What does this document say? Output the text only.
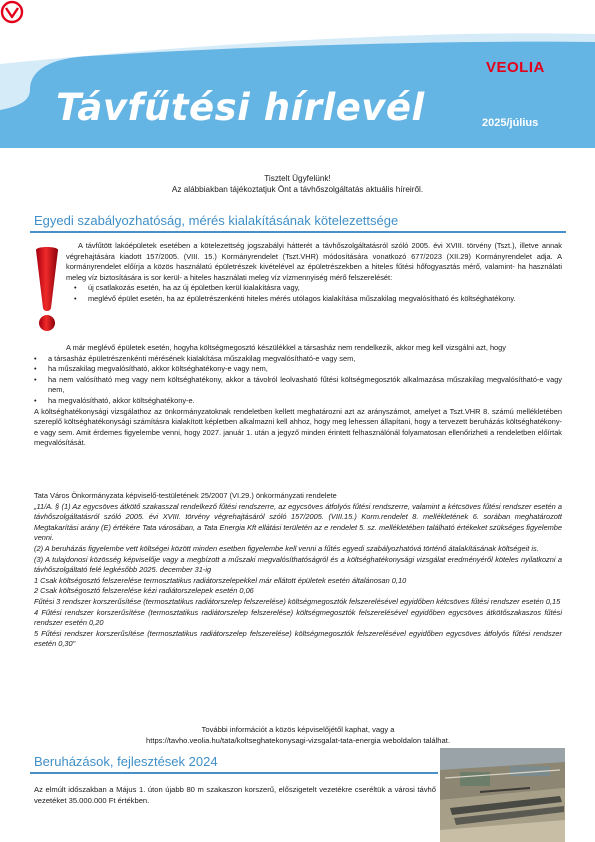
VEOLIA
Távfűtési hírlevél	2025/július
Tisztelt Ügyfelünk!
Az alábbiakban tájékoztatjuk Önt a távhőszolgáltatás aktuális híreiről.
Egyedi szabályozhatóság, mérés kialakításának kötelezettsége

A távfűtött lakóépületek esetében a kötelezettség jogszabályi hátterét a távhőszolgáltatásról szóló 2005. évi XVIII. törvény (Tszt.), illetve annak végrehajtására kiadott 157/2005. (VIII. 15.) Kormányrendelet (Tszt.VHR) módosítására vonatkozó 677/2023 (XII.29) Kormányrendelet adja. A kormányrendelet előírja a közös használatú épületrészek kivételével az épületrészekben a hiteles fűtési hőfogyasztás mérő, valamint- ha használati meleg víz biztosítására is sor kerül- a hiteles használati meleg víz vízmennyiség mérő felszerelését:

• új csatlakozás esetén, ha az új épületben kerül kialakításra vagy,
• meglévő épület esetén, ha az épületrészenkénti hiteles mérés utólagos kialakítása műszakilag megvalósítható és költséghatékony.

A már meglévő épületek esetén, hogyha költségmegosztó készülékkel a társasház nem rendelkezik, akkor meg kell vizsgálni azt, hogy

• a társasház épületrészenkénti mérésének kialakítása műszakilag megvalósítható-e vagy sem,
• ha műszakilag megvalósítható, akkor költséghatékony-e vagy nem,
• ha nem valósítható meg vagy nem költséghatékony, akkor a távolról leolvasható fűtési költségmegosztók alkalmazása műszakilag megvalósítható-e vagy nem,
• ha megvalósítható, akkor költséghatékony-e.

A költséghatékonysági vizsgálathoz az önkormányzatoknak rendeletben kellett meghatározni azt az arányszámot, amelyet a Tszt.VHR 8. számú mellékletében szereplő költséghatékonysági számításra kialakított képletben alkalmazni kell ahhoz, hogy meg lehessen állapítani, hogy a tervezett beruházás költséghatékony-e vagy sem. Amit érdemes figyelembe venni, hogy 2027. január 1. után a jegyző minden érintett felhasználónál folyamatosan ellenőrizheti a rendeletben előírtak megvalósítását.

Tata Város Önkormányzata képviselő-testületének 25/2007 (VI.29.) önkormányzati rendelete

„11/A. § (1) Az egycsöves átkötő szakasszal rendelkező fűtési rendszerre, az egycsöves átfolyós fűtési rendszerre, valamint a kétcsöves fűtési rendszer esetén a távhőszolgáltatásról szóló 2005. évi XVIII. törvény végrehajtásáról szóló 157/2005. (VIII.15.) Korm.rendelet 8. mellékletének 6. sorában meghatározott Megtakarítási arány (E) értékére Tata városában, a Tata Energia Kft ellátási területén az e rendelet 5. sz. mellékletében található értékeket szükséges figyelembe venni.

(2) A beruházás figyelembe vett költségei között minden esetben figyelembe kell venni a fűtés egyedi szabályozhatóvá történő átalakításának költségeit is.

(3) A tulajdonosi közösség képviselője vagy a megbízott a műszaki megvalósíthatóságról és a költséghatékonysági vizsgálat eredményéről köteles nyilatkozni a távhőszolgáltató felé legkésőbb 2025. december 31-ig

1 Csak költségosztó felszerelése termosztatikus radiátorszelepekkel már ellátott épületek esetén általánosan 0,10

2 Csak költségosztó felszerelése kézi radiátorszelepek esetén 0,06

Fűtési 3 rendszer korszerűsítése (termosztatikus radiátorszelep felszerelése) költségmegosztók felszerelésével egyidőben kétcsöves fűtési rendszer esetén 0,15

4 Fűtési rendszer korszerűsítése (termosztatikus radiátorszelep felszerelése) költségmegosztók felszerelésével egyidőben egycsöves átkötőszakaszos fűtési rendszer esetén 0,20

5 Fűtési rendszer korszerűsítése (termosztatikus radiátorszelep felszerelése) költségmegosztók felszerelésével egyidőben egycsöves átfolyós fűtési rendszer esetén 0,30"

További információt a közös képviselőjétől kaphat, vagy a
https://tavho.veolia.hu/tata/koltseghatekonysagi-vizsgalat-tata-energia weboldalon találhat.
Beruházások, fejlesztések 2024
Az elmúlt időszakban a Május 1. úton újabb 80 m szakaszon korszerű, előszigetelt vezetékre cseréltük a városi távhő vezetéket 35.000.000 Ft értékben.
